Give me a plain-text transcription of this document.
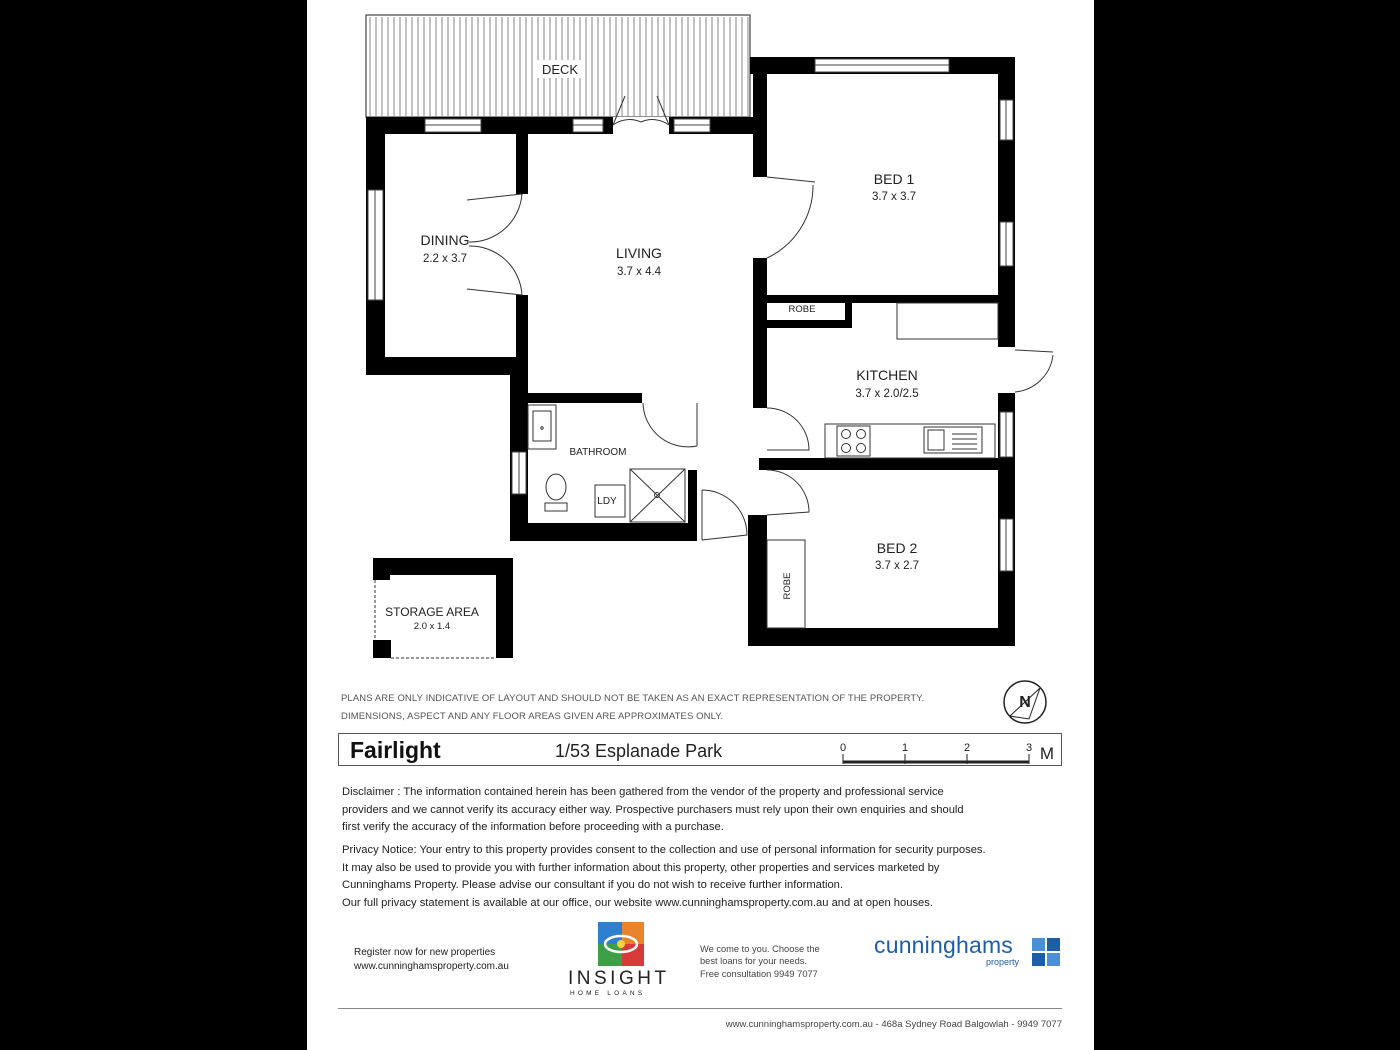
DECK
DINING
2.2 x 3.7	LIVING
3.7 x 4.4
BED 1
3.7 x 3.7
ROBE
KITCHEN
3.7 x 2.0/2.5
BATHROOM
LDY
BED 2
3.7 x 2.7
ROBE
STORAGE AREA
2.0 x 1.4
N
PLANS ARE ONLY INDICATIVE OF LAYOUT AND SHOULD NOT BE TAKEN AS AN EXACT REPRESENTATION OF THE PROPERTY.
DIMENSIONS, ASPECT AND ANY FLOOR AREAS GIVEN ARE APPROXIMATES ONLY.
Fairlight	1/53 Esplanade Park	0	1	2	3 M

Disclaimer : The information contained herein has been gathered from the vendor of the property and professional service

providers and we cannot verify its accuracy either way. Prospective purchasers must rely upon their own enquiries and should

first verify the accuracy of the information before proceeding with a purchase.

Privacy Notice: Your entry to this property provides consent to the collection and use of personal information for security purposes.

It may also be used to provide you with further information about this property, other properties and services marketed by

Cunninghams Property. Please advise our consultant if you do not wish to receive further information.

Our full privacy statement is available at our office, our website www.cunninghamsproperty.com.au and at open houses.

Register now for new properties
www.cunninghamsproperty.com.au
INSIGHT
HOME LOANS
We come to you. Choose the
best loans for your needs.
Free consultation 9949 7077
cunninghams
property
www.cunninghamsproperty.com.au - 468a Sydney Road Balgowlah - 9949 7077
